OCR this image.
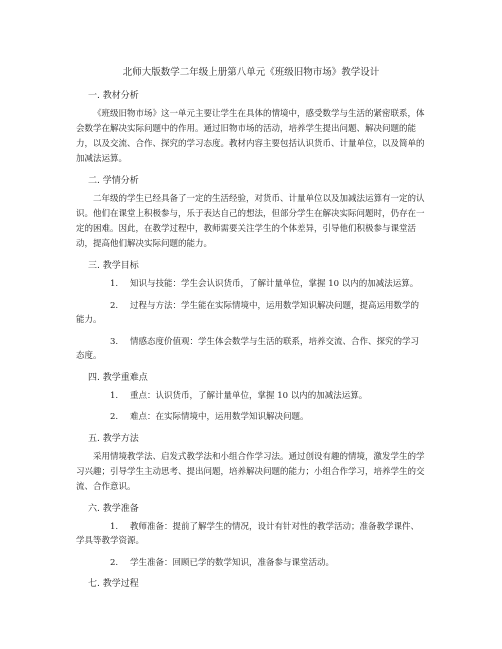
北师大版数学二年级上册第八单元《班级旧物市场》教学设计
一. 教材分析
《班级旧物市场》这一单元主要让学生在具体的情境中，感受数学与生活的紧密联系，体会数学在解决实际问题中的作用。通过旧物市场的活动，培养学生提出问题、解决问题的能力，以及交流、合作、探究的学习态度。教材内容主要包括认识货币、计量单位，以及简单的加减法运算。
二. 学情分析
二年级的学生已经具备了一定的生活经验，对货币、计量单位以及加减法运算有一定的认识。他们在课堂上积极参与，乐于表达自己的想法，但部分学生在解决实际问题时，仍存在一定的困难。因此，在教学过程中，教师需要关注学生的个体差异，引导他们积极参与课堂活动，提高他们解决实际问题的能力。
三. 教学目标
1. 知识与技能：学生会认识货币，了解计量单位，掌握 10 以内的加减法运算。
2. 过程与方法：学生能在实际情境中，运用数学知识解决问题，提高运用数学的能力。
3. 情感态度价值观：学生体会数学与生活的联系，培养交流、合作、探究的学习态度。
四. 教学重难点
1. 重点：认识货币，了解计量单位，掌握 10 以内的加减法运算。
2. 难点：在实际情境中，运用数学知识解决问题。
五. 教学方法
采用情境教学法、启发式教学法和小组合作学习法。通过创设有趣的情境，激发学生的学习兴趣；引导学生主动思考、提出问题，培养解决问题的能力；小组合作学习，培养学生的交流、合作意识。
六. 教学准备
1. 教师准备：提前了解学生的情况，设计有针对性的教学活动；准备教学课件、学具等教学资源。
2. 学生准备：回顾已学的数学知识，准备参与课堂活动。
七. 教学过程
